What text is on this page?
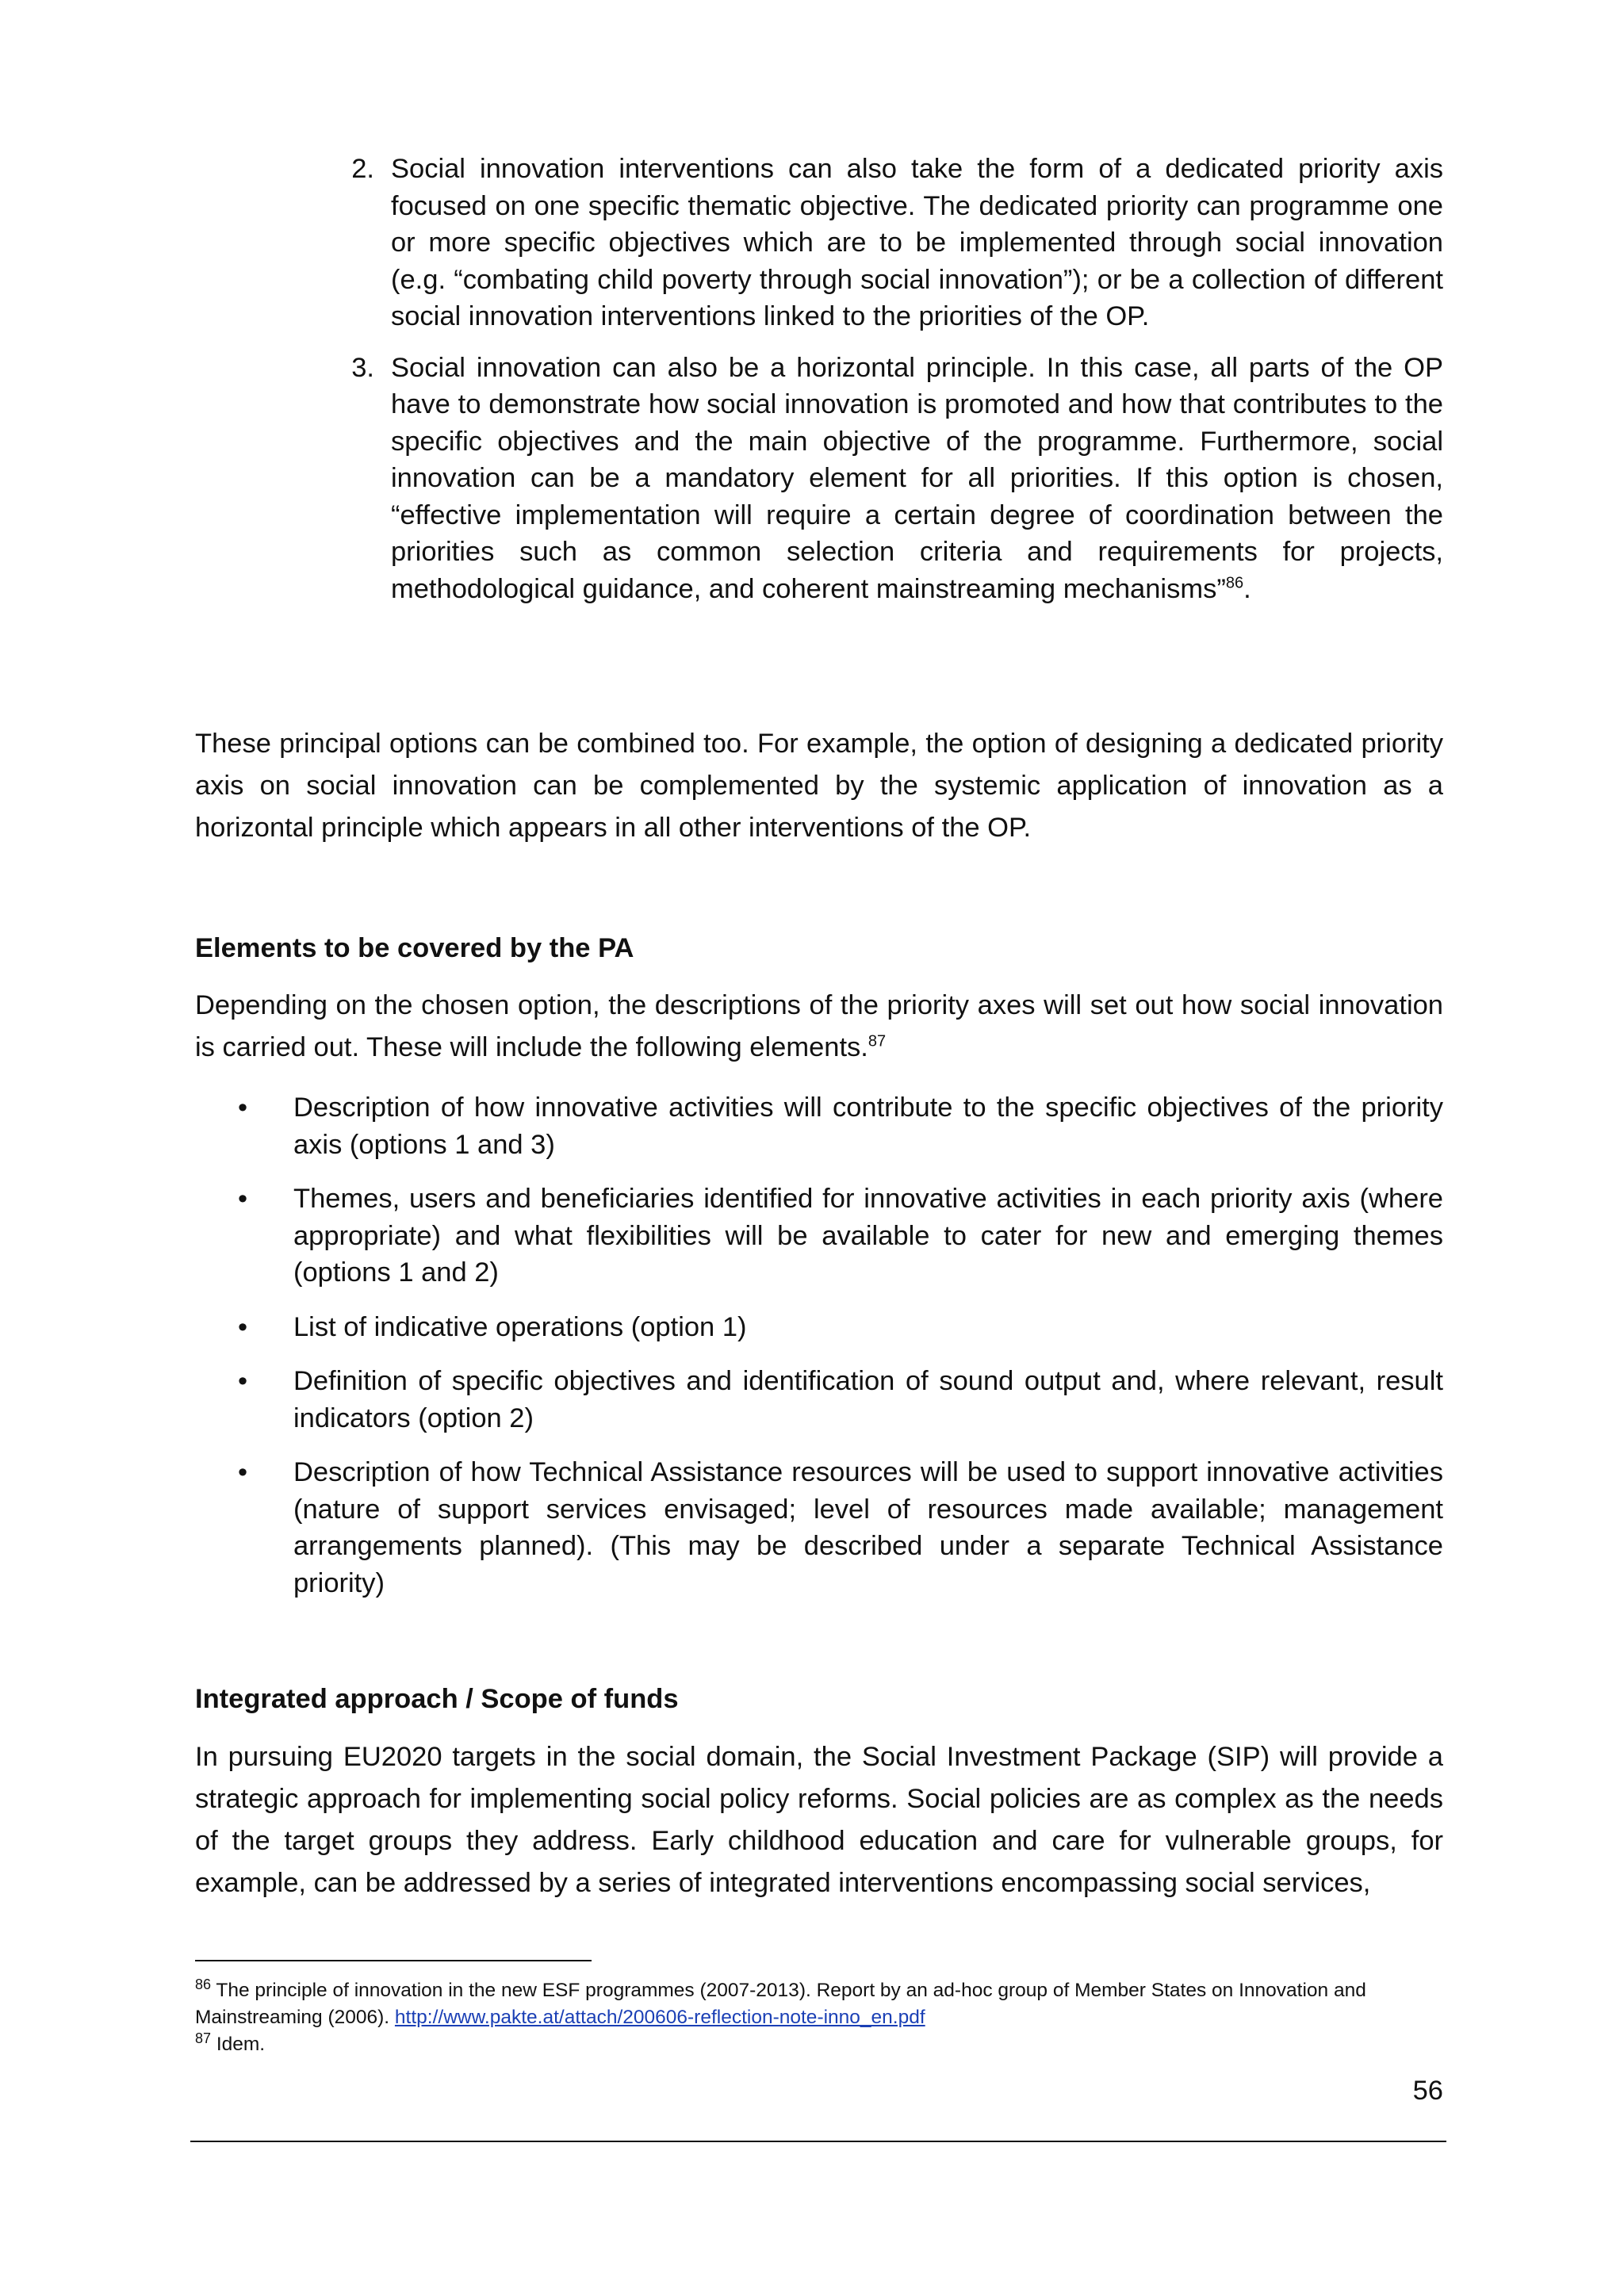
2. Social innovation interventions can also take the form of a dedicated priority axis focused on one specific thematic objective. The dedicated priority can programme one or more specific objectives which are to be implemented through social innovation (e.g. “combating child poverty through social innovation”); or be a collection of different social innovation interventions linked to the priorities of the OP.
3. Social innovation can also be a horizontal principle. In this case, all parts of the OP have to demonstrate how social innovation is promoted and how that contributes to the specific objectives and the main objective of the programme. Furthermore, social innovation can be a mandatory element for all priorities. If this option is chosen, “effective implementation will require a certain degree of coordination between the priorities such as common selection criteria and requirements for projects, methodological guidance, and coherent mainstreaming mechanisms”$^{86}$.

These principal options can be combined too. For example, the option of designing a dedicated priority axis on social innovation can be complemented by the systemic application of innovation as a horizontal principle which appears in all other interventions of the OP.

Elements to be covered by the PA

Depending on the chosen option, the descriptions of the priority axes will set out how social innovation is carried out. These will include the following elements.$^{87}$

•	Description of how innovative activities will contribute to the specific objectives of the priority axis (options 1 and 3)
•	Themes, users and beneficiaries identified for innovative activities in each priority axis (where appropriate) and what flexibilities will be available to cater for new and emerging themes (options 1 and 2)
•	List of indicative operations (option 1)
•	Definition of specific objectives and identification of sound output and, where relevant, result indicators (option 2)
•	Description of how Technical Assistance resources will be used to support innovative activities (nature of support services envisaged; level of resources made available; management arrangements planned). (This may be described under a separate Technical Assistance priority)
Integrated approach / Scope of funds

In pursuing EU2020 targets in the social domain, the Social Investment Package (SIP) will provide a strategic approach for implementing social policy reforms. Social policies are as complex as the needs of the target groups they address. Early childhood education and care for vulnerable groups, for example, can be addressed by a series of integrated interventions encompassing social services,

$^{86}$ The principle of innovation in the new ESF programmes (2007-2013). Report by an ad-hoc group of Member States on Innovation and Mainstreaming (2006). http://www.pakte.at/attach/200606-reflection-note-inno_en.pdf

$^{87}$ Idem.

56
